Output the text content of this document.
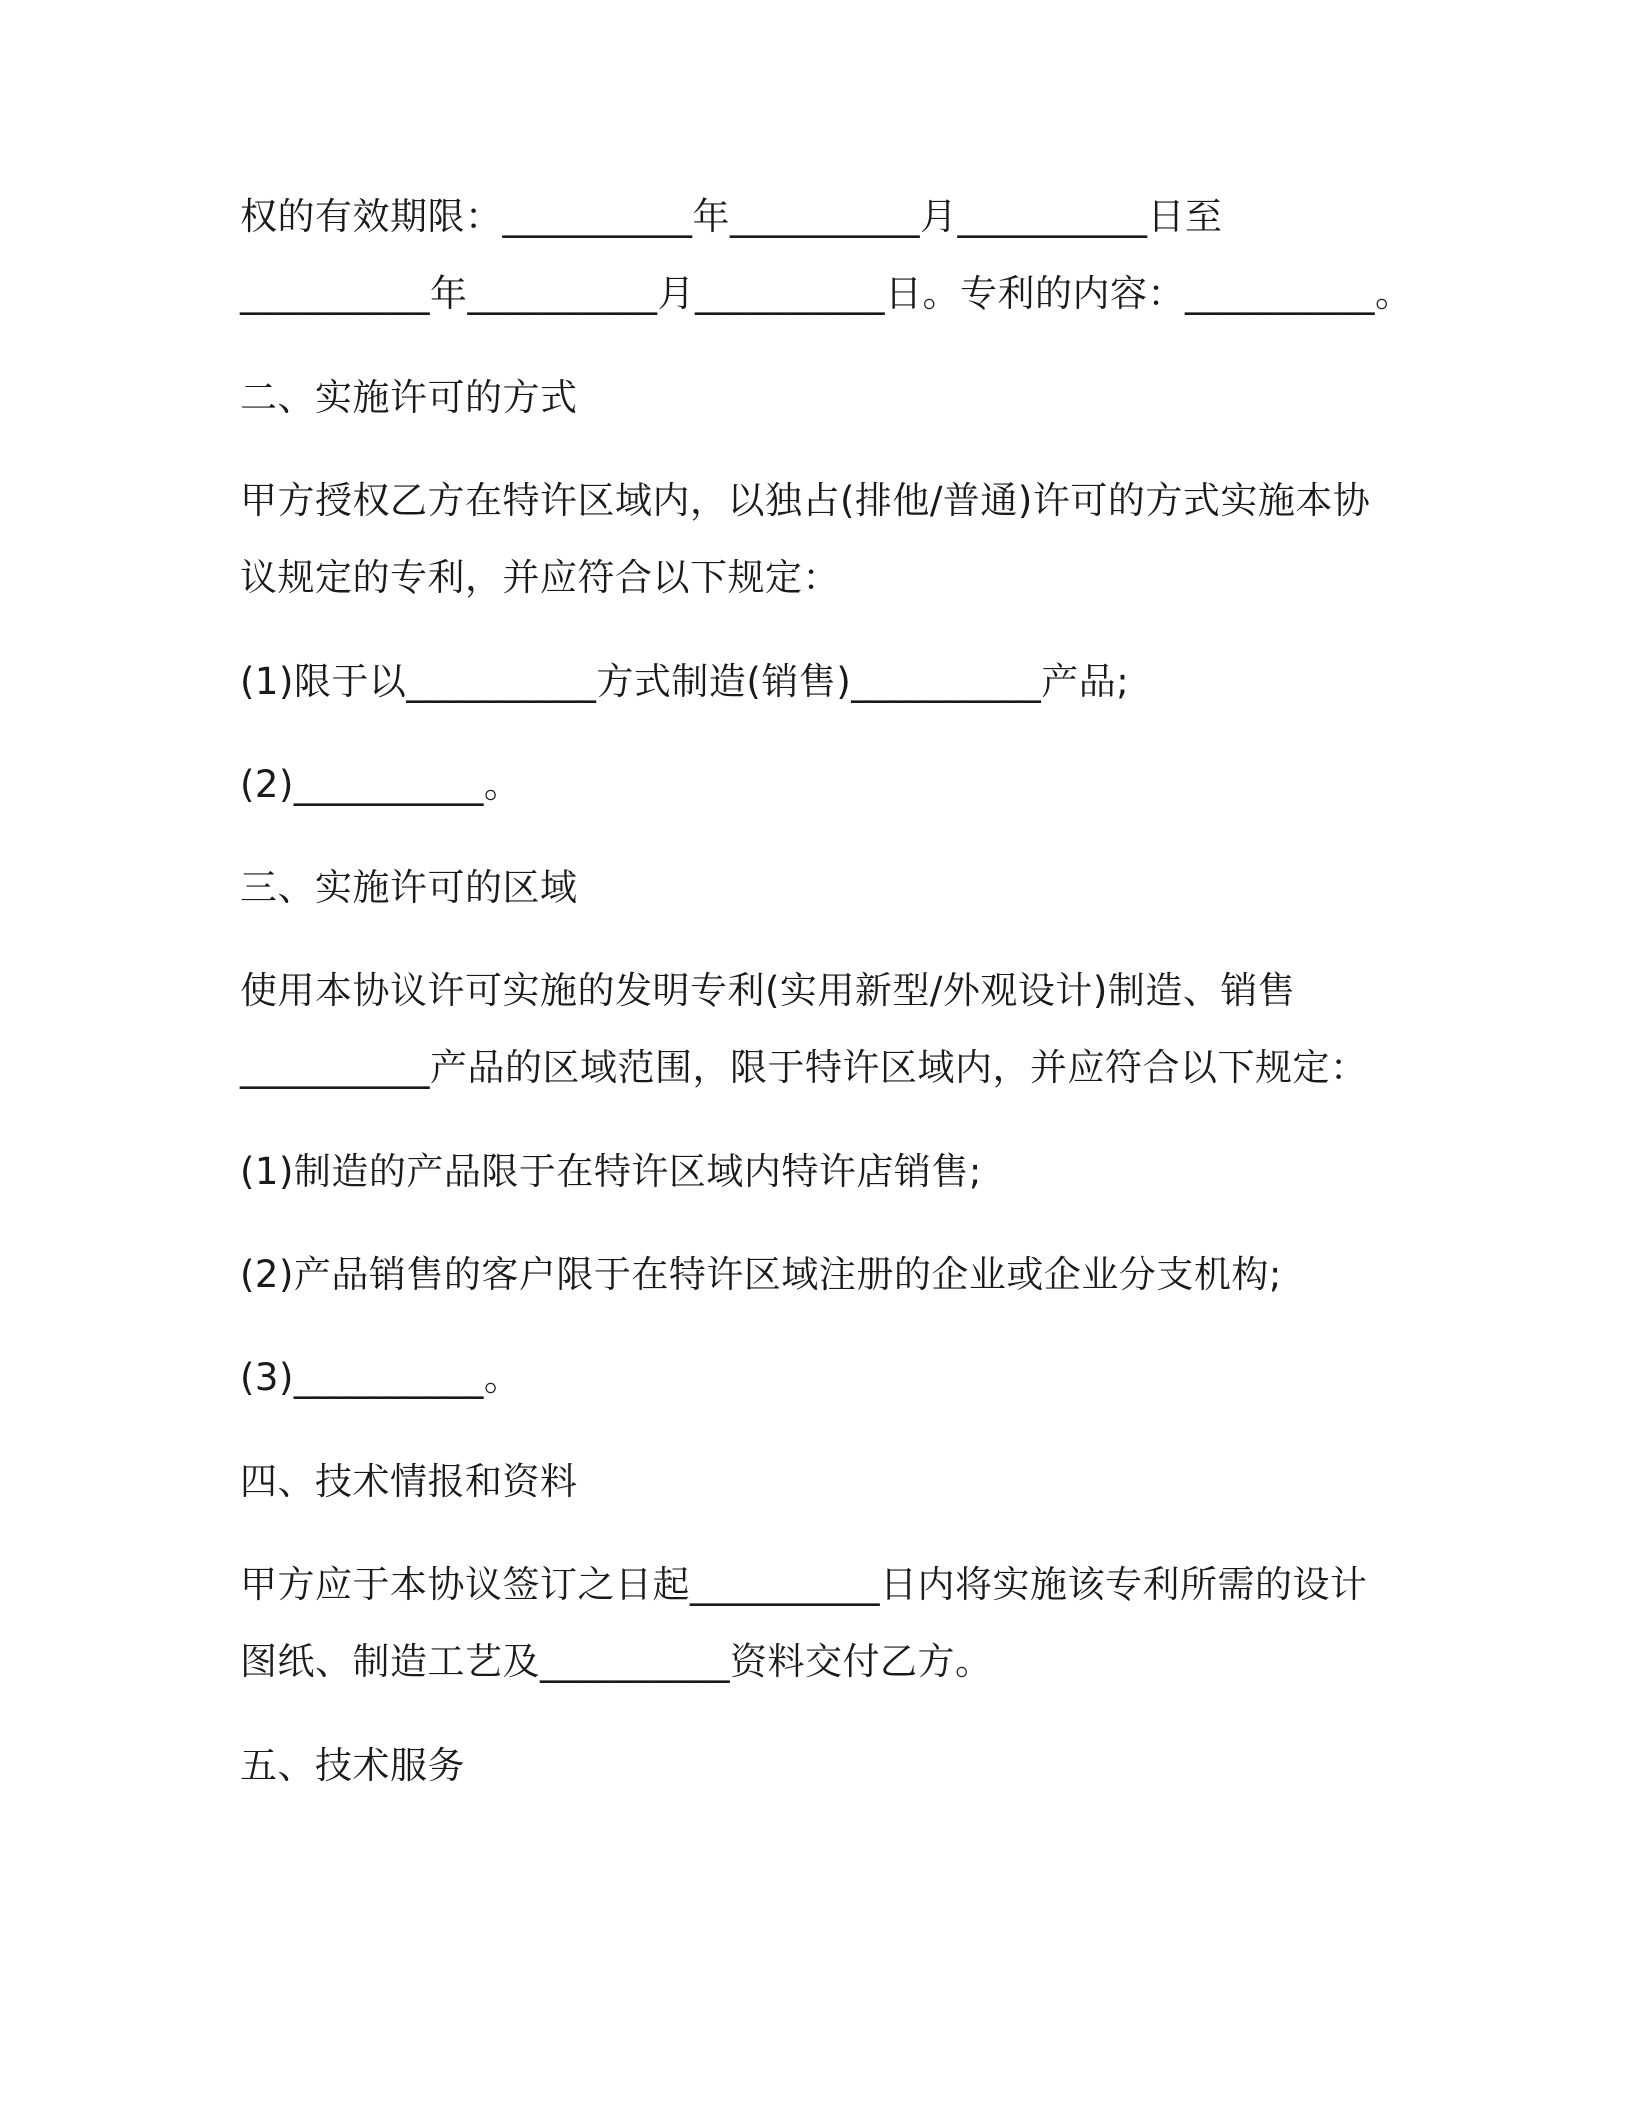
权的有效期限：__________年__________月__________日至
__________年__________月__________日。专利的内容：__________。
二、实施许可的方式
甲方授权乙方在特许区域内，以独占(排他/普通)许可的方式实施本协
议规定的专利，并应符合以下规定：
(1)限于以__________方式制造(销售)__________产品;
(2)__________。
三、实施许可的区域
使用本协议许可实施的发明专利(实用新型/外观设计)制造、销售
__________产品的区域范围，限于特许区域内，并应符合以下规定：
(1)制造的产品限于在特许区域内特许店销售;
(2)产品销售的客户限于在特许区域注册的企业或企业分支机构;
(3)__________。
四、技术情报和资料
甲方应于本协议签订之日起__________日内将实施该专利所需的设计
图纸、制造工艺及__________资料交付乙方。
五、技术服务
